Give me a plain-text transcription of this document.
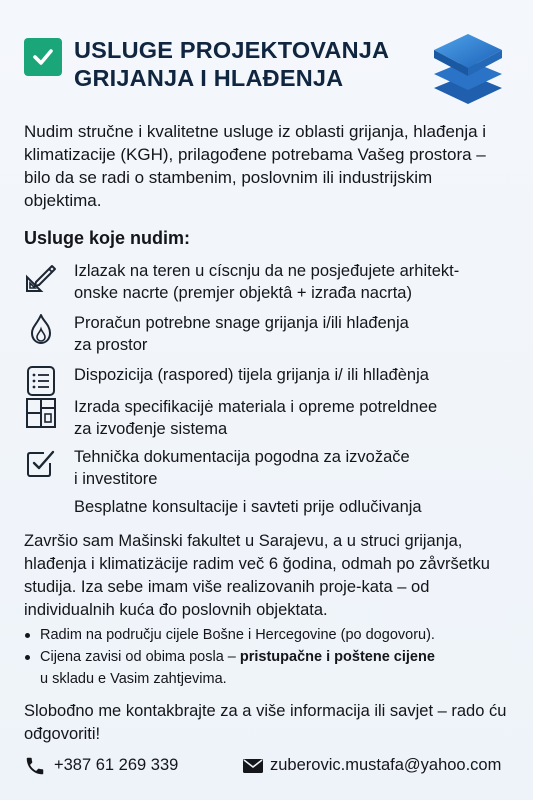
USLUGE PROJEKTOVANJA
GRIJANJA I HLAĐENJA

Nudim stručne i kvalitetne usluge iz oblasti grijanja, hlađenja i klimatizacije (KGH), prilagođene potrebama Vašeg prostora – bilo da se radi o stambenim, poslovnim ili industrijskim objektima.

Usluge koje nudim:

Izlazak na teren u císcnju da ne posjeđujete arhitekt-
onske nacrte (premjer objektâ + izrađa nacrta)

Proračun potrebne snage grijanja i/ili hlađenja
za prostor

Dispozicija (raspored) tijela grijanja i/ ili hllađènja

Izrada specifikacijė materiala i opreme potreldnee
za izvođenje sistema

Tehnička dokumentacija pogodna za izvožače
i investitore

Besplatne konsultacije i savteti prije odlučivanja

Završio sam Mašinski fakultet u Sarajevu, a u struci grijanja, hlađenja i klimatizäcije radim več 6 ğodina, odmah po zåvršetku studija. Iza sebe imam više realizovanih proje-kata – od individualnih kuća đo poslovnih objektata.

Radim na području cijele Bošne i Hercegovine (po dogovoru).
Cijena zavisi od obima posla – pristupačne i poštene cijene
u skladu e Vasim zahtjevima.

Slobođno me kontakbrajte za a više informacija ili savjet – rado ću ođgovoriti!

+387 61 269 339	zuberovic.mustafa@yahoo.com
